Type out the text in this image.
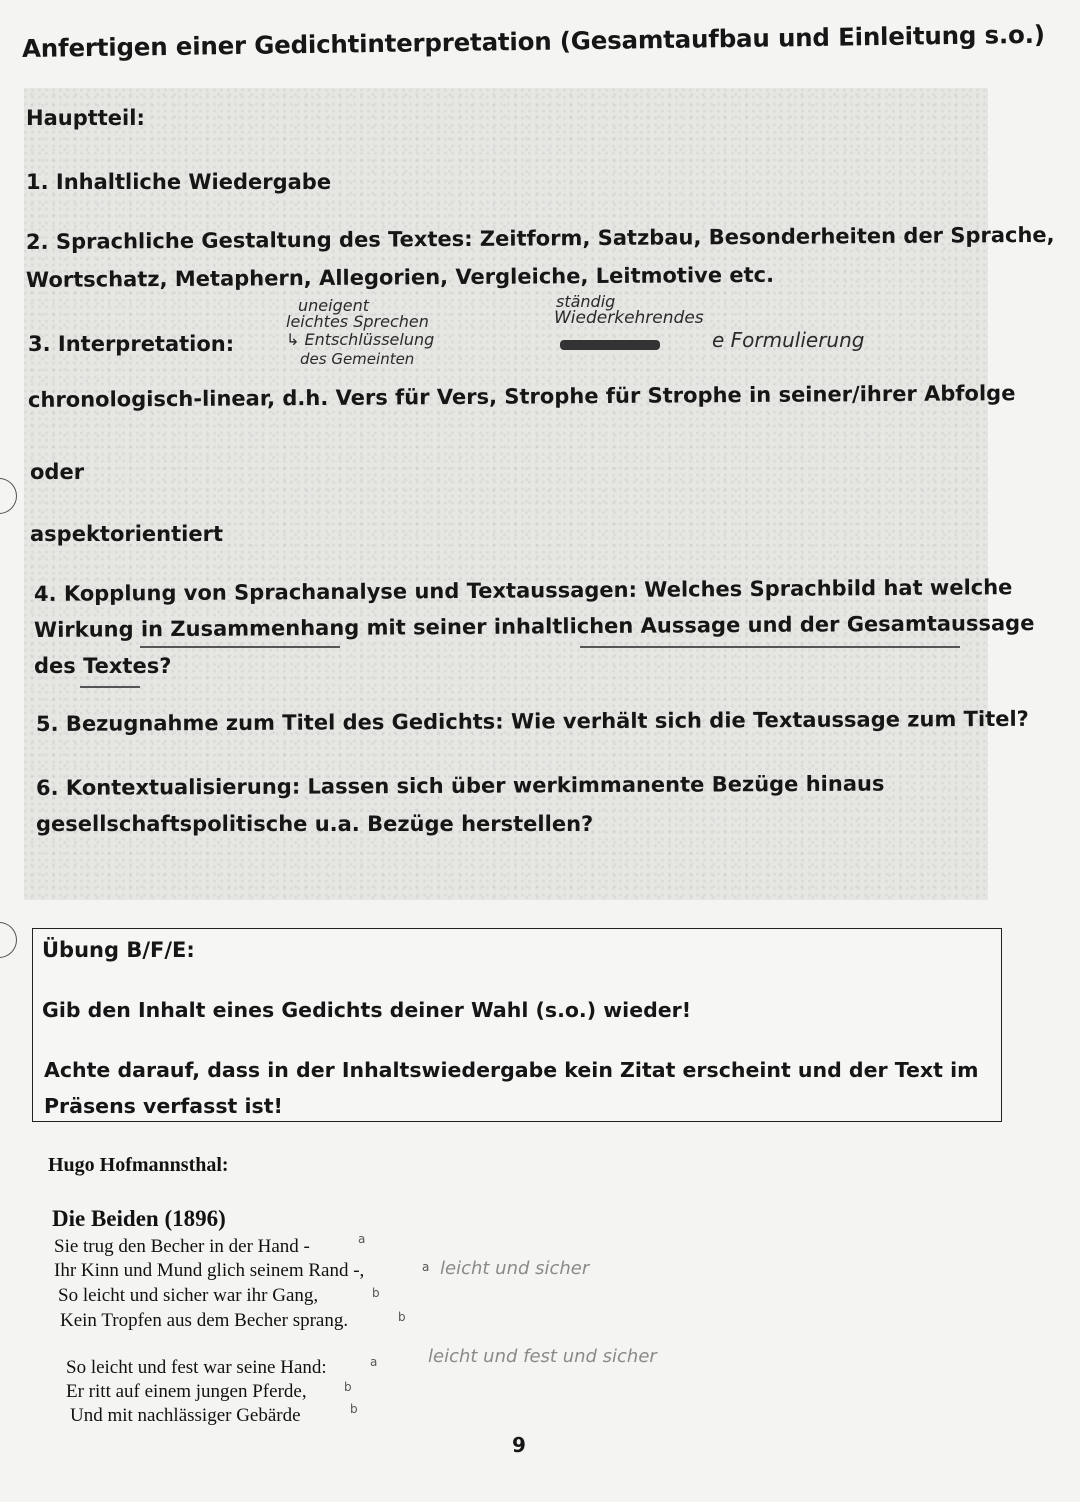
Anfertigen einer Gedichtinterpretation (Gesamtaufbau und Einleitung s.o.)
Hauptteil:
1. Inhaltliche Wiedergabe
2. Sprachliche Gestaltung des Textes: Zeitform, Satzbau, Besonderheiten der Sprache,
Wortschatz, Metaphern, Allegorien, Vergleiche, Leitmotive etc.
3. Interpretation:
uneigent
leichtes Sprechen
↳ Entschlüsselung
des Gemeinten
ständig
Wiederkehrendes
e Formulierung
chronologisch-linear, d.h. Vers für Vers, Strophe für Strophe in seiner/ihrer Abfolge
oder
aspektorientiert
4. Kopplung von Sprachanalyse und Textaussagen: Welches Sprachbild hat welche
Wirkung in Zusammenhang mit seiner inhaltlichen Aussage und der Gesamtaussage
des Textes?
5. Bezugnahme zum Titel des Gedichts: Wie verhält sich die Textaussage zum Titel?
6. Kontextualisierung: Lassen sich über werkimmanente Bezüge hinaus
gesellschaftspolitische u.a. Bezüge herstellen?
Übung B/F/E:
Gib den Inhalt eines Gedichts deiner Wahl (s.o.) wieder!
Achte darauf, dass in der Inhaltswiedergabe kein Zitat erscheint und der Text im
Präsens verfasst ist!
Hugo Hofmannsthal:
Die Beiden (1896)
Sie trug den Becher in der Hand -
Ihr Kinn und Mund glich seinem Rand -,
So leicht und sicher war ihr Gang,
Kein Tropfen aus dem Becher sprang.
So leicht und fest war seine Hand:
Er ritt auf einem jungen Pferde,
Und mit nachlässiger Gebärde
a
a
b
b
a
b
b
leicht und sicher
leicht und fest und sicher
9
